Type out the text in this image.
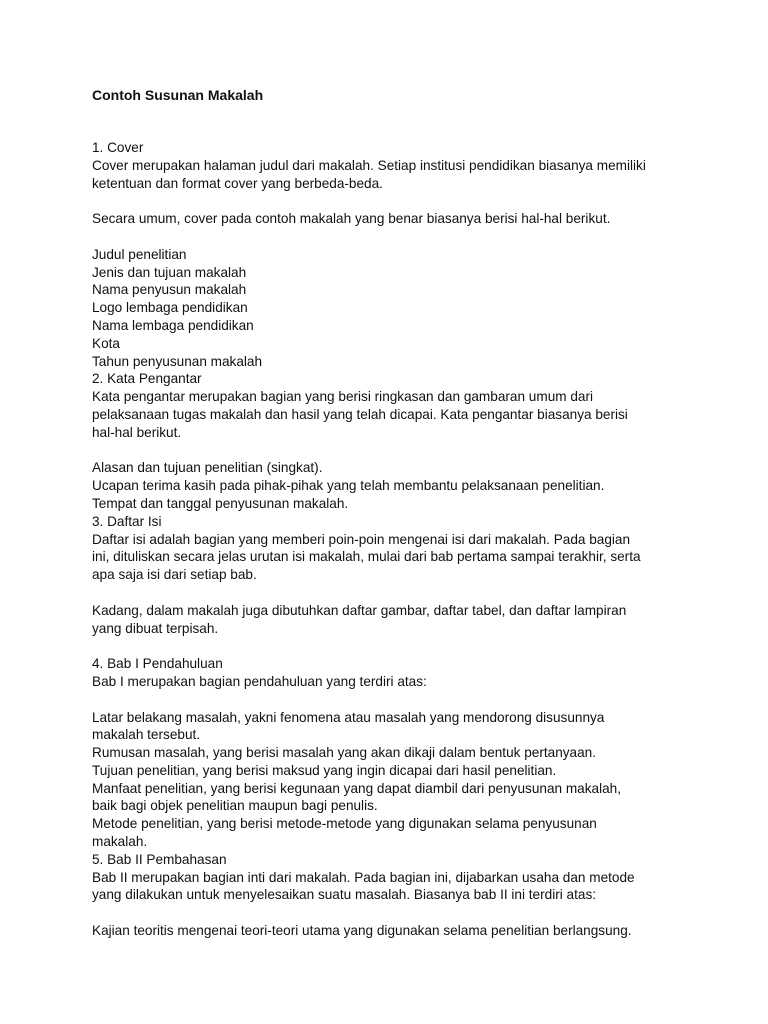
Contoh Susunan Makalah

1. Cover

Cover merupakan halaman judul dari makalah. Setiap institusi pendidikan biasanya memiliki

ketentuan dan format cover yang berbeda-beda.

Secara umum, cover pada contoh makalah yang benar biasanya berisi hal-hal berikut.

Judul penelitian

Jenis dan tujuan makalah

Nama penyusun makalah

Logo lembaga pendidikan

Nama lembaga pendidikan

Kota

Tahun penyusunan makalah

2. Kata Pengantar

Kata pengantar merupakan bagian yang berisi ringkasan dan gambaran umum dari

pelaksanaan tugas makalah dan hasil yang telah dicapai. Kata pengantar biasanya berisi

hal-hal berikut.

Alasan dan tujuan penelitian (singkat).

Ucapan terima kasih pada pihak-pihak yang telah membantu pelaksanaan penelitian.

Tempat dan tanggal penyusunan makalah.

3. Daftar Isi

Daftar isi adalah bagian yang memberi poin-poin mengenai isi dari makalah. Pada bagian

ini, dituliskan secara jelas urutan isi makalah, mulai dari bab pertama sampai terakhir, serta

apa saja isi dari setiap bab.

Kadang, dalam makalah juga dibutuhkan daftar gambar, daftar tabel, dan daftar lampiran

yang dibuat terpisah.

4. Bab I Pendahuluan

Bab I merupakan bagian pendahuluan yang terdiri atas:

Latar belakang masalah, yakni fenomena atau masalah yang mendorong disusunnya

makalah tersebut.

Rumusan masalah, yang berisi masalah yang akan dikaji dalam bentuk pertanyaan.

Tujuan penelitian, yang berisi maksud yang ingin dicapai dari hasil penelitian.

Manfaat penelitian, yang berisi kegunaan yang dapat diambil dari penyusunan makalah,

baik bagi objek penelitian maupun bagi penulis.

Metode penelitian, yang berisi metode-metode yang digunakan selama penyusunan

makalah.

5. Bab II Pembahasan

Bab II merupakan bagian inti dari makalah. Pada bagian ini, dijabarkan usaha dan metode

yang dilakukan untuk menyelesaikan suatu masalah. Biasanya bab II ini terdiri atas:

Kajian teoritis mengenai teori-teori utama yang digunakan selama penelitian berlangsung.
